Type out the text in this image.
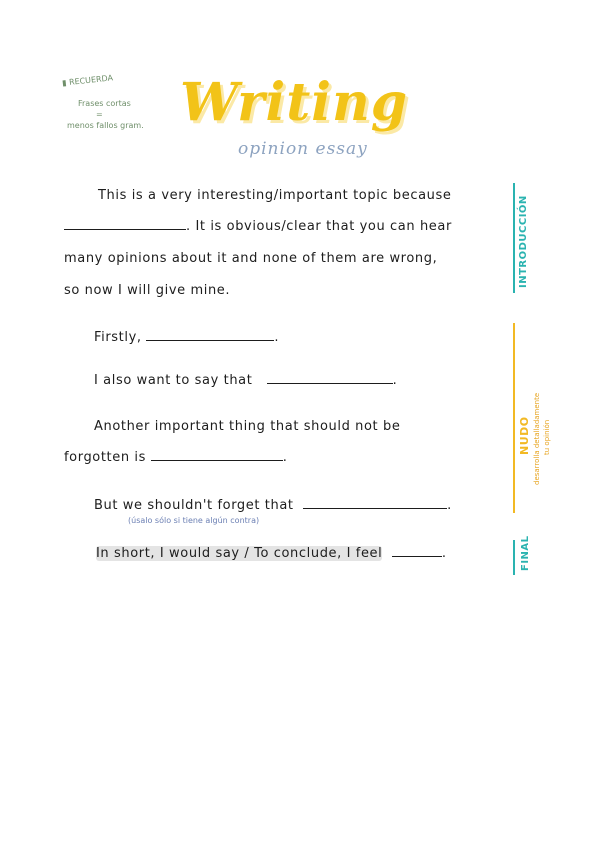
▮ RECUERDA
Frases cortas
=
menos fallos gram. Writing
opinion essay
This is a very interesting/important topic because
. It is obvious/clear that you can hear
many opinions about it and none of them are wrong,
so now I will give mine.
INTRODUCCIÓN
Firstly,	.
I also want to say that	.
Another important thing that should not be
forgotten is	.
But we shouldn't forget that	.
(úsalo sólo si tiene algún contra)
NUDO desarrolla detalladamente tu opinión
In short, I would say / To conclude, I feel	.	FINAL
